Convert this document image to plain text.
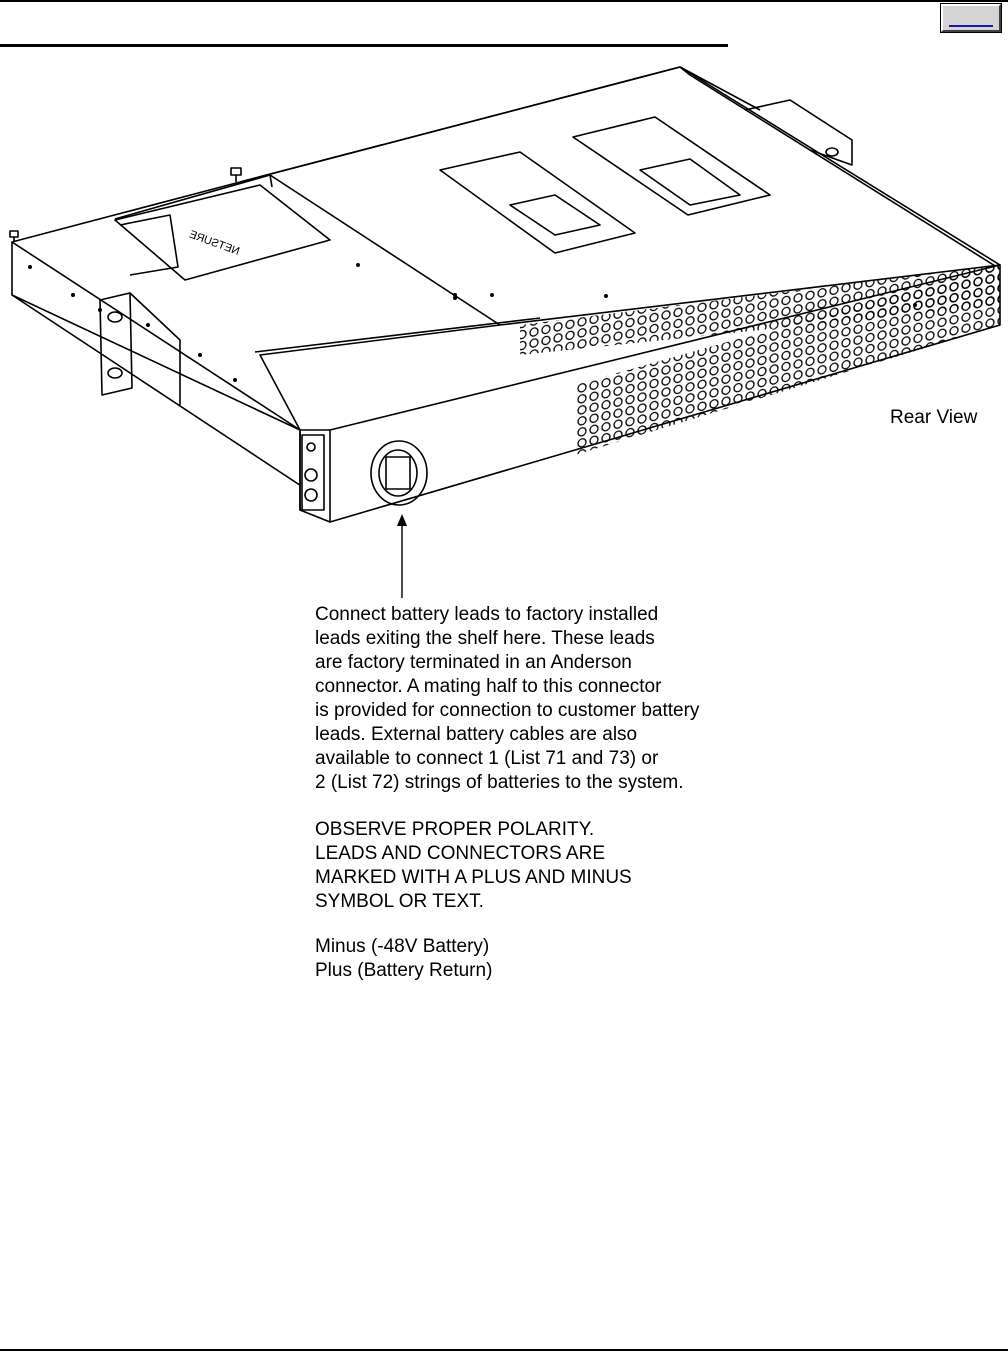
NETSURE
Rear View
Connect battery leads to factory installed
leads exiting the shelf here. These leads
are factory terminated in an Anderson
connector. A mating half to this connector
is provided for connection to customer battery
leads. External battery cables are also
available to connect 1 (List 71 and 73) or
2 (List 72) strings of batteries to the system.
OBSERVE PROPER POLARITY.
LEADS AND CONNECTORS ARE
MARKED WITH A PLUS AND MINUS
SYMBOL OR TEXT.
Minus (-48V Battery)
Plus (Battery Return)
